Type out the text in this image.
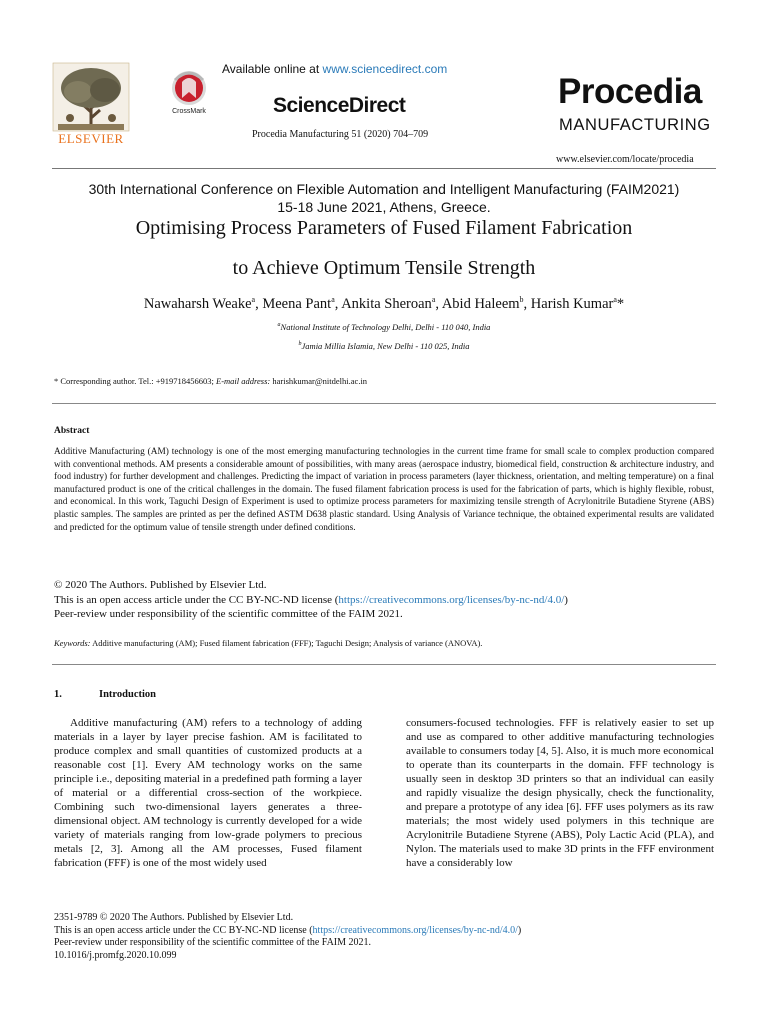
ELSEVIER
CrossMark
Available online at www.sciencedirect.com
ScienceDirect
Procedia Manufacturing 51 (2020) 704–709
Procedia
MANUFACTURING
www.elsevier.com/locate/procedia
30th International Conference on Flexible Automation and Intelligent Manufacturing (FAIM2021)
15-18 June 2021, Athens, Greece.
Optimising Process Parameters of Fused Filament Fabrication
to Achieve Optimum Tensile Strength
Nawaharsh Weake$^a$, Meena Pant$^a$, Ankita Sheroan$^a$, Abid Haleem$^b$, Harish Kumar$^a$*
$^a$National Institute of Technology Delhi, Delhi - 110 040, India
$^b$Jamia Millia Islamia, New Delhi - 110 025, India
* Corresponding author. Tel.: +919718456603; E-mail address: harishkumar@nitdelhi.ac.in
Abstract
Additive Manufacturing (AM) technology is one of the most emerging manufacturing technologies in the current time frame for small scale to complex production compared with conventional methods. AM presents a considerable amount of possibilities, with many areas (aerospace industry, biomedical field, construction & architecture industry, and food industry) for further development and challenges. Predicting the impact of variation in process parameters (layer thickness, orientation, and melting temperature) on a final manufactured product is one of the critical challenges in the domain. The fused filament fabrication process is used for the fabrication of parts, which is highly flexible, robust, and economical. In this work, Taguchi Design of Experiment is used to optimize process parameters for maximizing tensile strength of Acrylonitrile Butadiene Styrene (ABS) plastic samples. The samples are printed as per the defined ASTM D638 plastic standard. Using Analysis of Variance technique, the obtained experimental results are validated and predicted for the optimum value of tensile strength under defined conditions.
© 2020 The Authors. Published by Elsevier Ltd.
This is an open access article under the CC BY-NC-ND license (https://creativecommons.org/licenses/by-nc-nd/4.0/)
Peer-review under responsibility of the scientific committee of the FAIM 2021.
Keywords: Additive manufacturing (AM); Fused filament fabrication (FFF); Taguchi Design; Analysis of variance (ANOVA).
1.	Introduction
Additive manufacturing (AM) refers to a technology of adding materials in a layer by layer precise fashion. AM is facilitated to produce complex and small quantities of customized products at a reasonable cost [1]. Every AM technology works on the same principle i.e., depositing material in a predefined path forming a layer of material or a differential cross-section of the workpiece. Combining such two-dimensional layers generates a three-dimensional object. AM technology is currently developed for a wide variety of materials ranging from low-grade polymers to precious metals [2, 3]. Among all the AM processes, Fused filament fabrication (FFF) is one of the most widely used
consumers-focused technologies. FFF is relatively easier to set up and use as compared to other additive manufacturing technologies available to consumers today [4, 5]. Also, it is much more economical to operate than its counterparts in the domain. FFF technology is usually seen in desktop 3D printers so that an individual can easily and rapidly visualize the design physically, check the functionality, and prepare a prototype of any idea [6]. FFF uses polymers as its raw materials; the most widely used polymers in this technique are Acrylonitrile Butadiene Styrene (ABS), Poly Lactic Acid (PLA), and Nylon. The materials used to make 3D prints in the FFF environment have a considerably low
2351-9789 © 2020 The Authors. Published by Elsevier Ltd.
This is an open access article under the CC BY-NC-ND license (https://creativecommons.org/licenses/by-nc-nd/4.0/)
Peer-review under responsibility of the scientific committee of the FAIM 2021.
10.1016/j.promfg.2020.10.099
